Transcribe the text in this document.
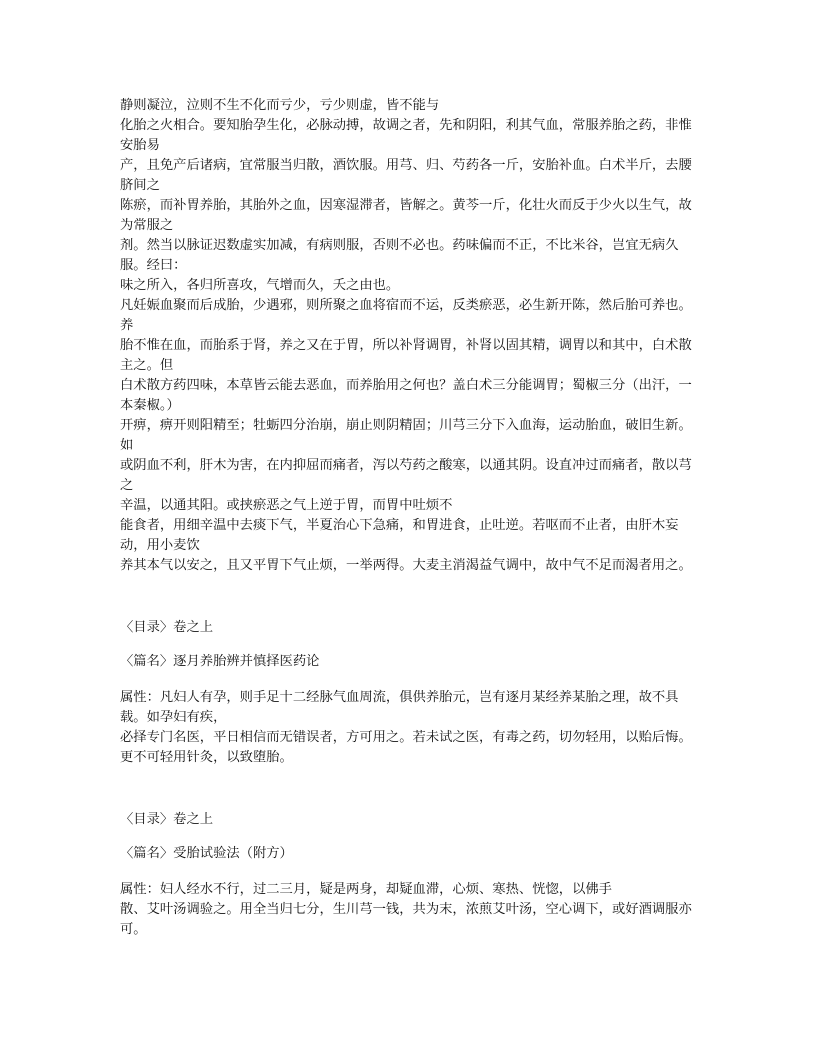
静则凝泣，泣则不生不化而亏少，亏少则虚，皆不能与

化胎之火相合。要知胎孕生化，必脉动搏，故调之者，先和阴阳，利其气血，常服养胎之药，非惟安胎易

产，且免产后诸病，宜常服当归散，酒饮服。用芎、归、芍药各一斤，安胎补血。白术半斤，去腰脐间之

陈瘀，而补胃养胎，其胎外之血，因寒湿滞者，皆解之。黄芩一斤，化壮火而反于少火以生气，故为常服之

剂。然当以脉证迟数虚实加减，有病则服，否则不必也。药味偏而不正，不比米谷，岂宜无病久服。经曰：

味之所入，各归所喜攻，气增而久，夭之由也。

凡妊娠血聚而后成胎，少遇邪，则所聚之血将宿而不运，反类瘀恶，必生新开陈，然后胎可养也。养

胎不惟在血，而胎系于肾，养之又在于胃，所以补肾调胃，补肾以固其精，调胃以和其中，白术散主之。但

白术散方药四味，本草皆云能去恶血，而养胎用之何也？盖白术三分能调胃；蜀椒三分（出汗，一本秦椒。）

开痹，痹开则阳精至；牡蛎四分治崩，崩止则阴精固；川芎三分下入血海，运动胎血，破旧生新。如

或阴血不利，肝木为害，在内抑屈而痛者，泻以芍药之酸寒，以通其阴。设直冲过而痛者，散以芎 之

辛温，以通其阳。或挟瘀恶之气上逆于胃，而胃中吐烦不

能食者，用细辛温中去痰下气，半夏治心下急痛，和胃进食，止吐逆。若呕而不止者，由肝木妄动，用小麦饮

养其本气以安之，且又平胃下气止烦，一举两得。大麦主消渴益气调中，故中气不足而渴者用之。

〈目录〉卷之上

〈篇名〉逐月养胎辨并慎择医药论

属性：凡妇人有孕，则手足十二经脉气血周流，俱供养胎元，岂有逐月某经养某胎之理，故不具载。如孕妇有疾，

必择专门名医，平日相信而无错误者，方可用之。若未试之医，有毒之药，切勿轻用，以贻后悔。

更不可轻用针灸，以致堕胎。

〈目录〉卷之上

〈篇名〉受胎试验法（附方）

属性：妇人经水不行，过二三月，疑是两身，却疑血滞，心烦、寒热、恍惚，以佛手

散、艾叶汤调验之。用全当归七分，生川芎一钱，共为末，浓煎艾叶汤，空心调下，或好酒调服亦可。
